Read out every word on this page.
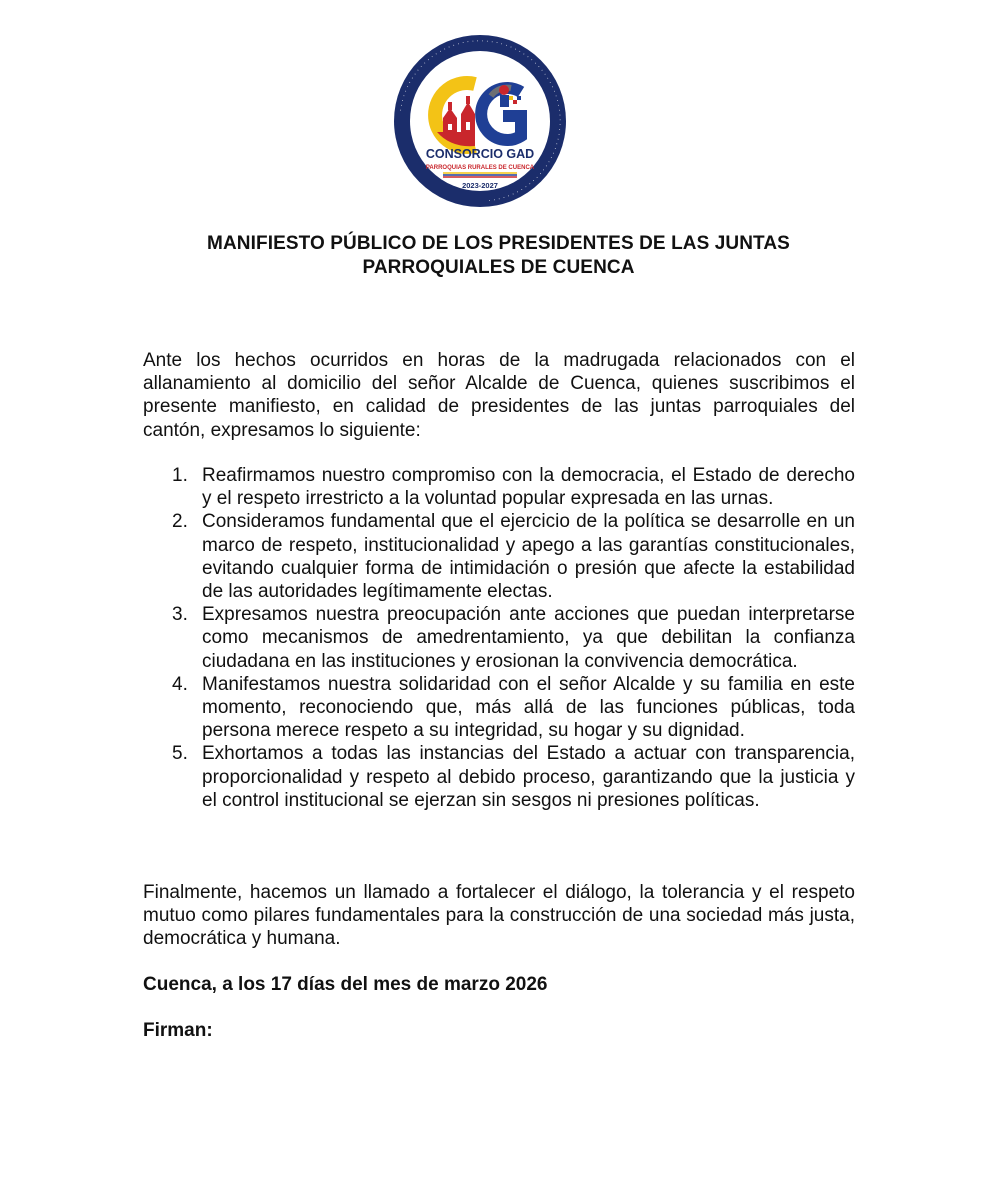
· · · · · · · · · · · · · · · · · · · · · · · · · · · · · · · · · · · · · · · · · · · · · · · · · · · · · · · · · · · · · · · · · · · · · · · · · ·
CONSORCIO GAD
PARROQUIAS RURALES DE CUENCA
2023-2027
MANIFIESTO PÚBLICO DE LOS PRESIDENTES DE LAS JUNTAS
PARROQUIALES DE CUENCA

Ante los hechos ocurridos en horas de la madrugada relacionados con el allanamiento al domicilio del señor Alcalde de Cuenca, quienes suscribimos el presente manifiesto, en calidad de presidentes de las juntas parroquiales del cantón, expresamos lo siguiente:

1. Reafirmamos nuestro compromiso con la democracia, el Estado de derecho y el respeto irrestricto a la voluntad popular expresada en las urnas.
2. Consideramos fundamental que el ejercicio de la política se desarrolle en un marco de respeto, institucionalidad y apego a las garantías constitucionales, evitando cualquier forma de intimidación o presión que afecte la estabilidad de las autoridades legítimamente electas.
3. Expresamos nuestra preocupación ante acciones que puedan interpretarse como mecanismos de amedrentamiento, ya que debilitan la confianza ciudadana en las instituciones y erosionan la convivencia democrática.
4. Manifestamos nuestra solidaridad con el señor Alcalde y su familia en este momento, reconociendo que, más allá de las funciones públicas, toda persona merece respeto a su integridad, su hogar y su dignidad.
5. Exhortamos a todas las instancias del Estado a actuar con transparencia, proporcionalidad y respeto al debido proceso, garantizando que la justicia y el control institucional se ejerzan sin sesgos ni presiones políticas.

Finalmente, hacemos un llamado a fortalecer el diálogo, la tolerancia y el respeto mutuo como pilares fundamentales para la construcción de una sociedad más justa, democrática y humana.

Cuenca, a los 17 días del mes de marzo 2026
Firman:
